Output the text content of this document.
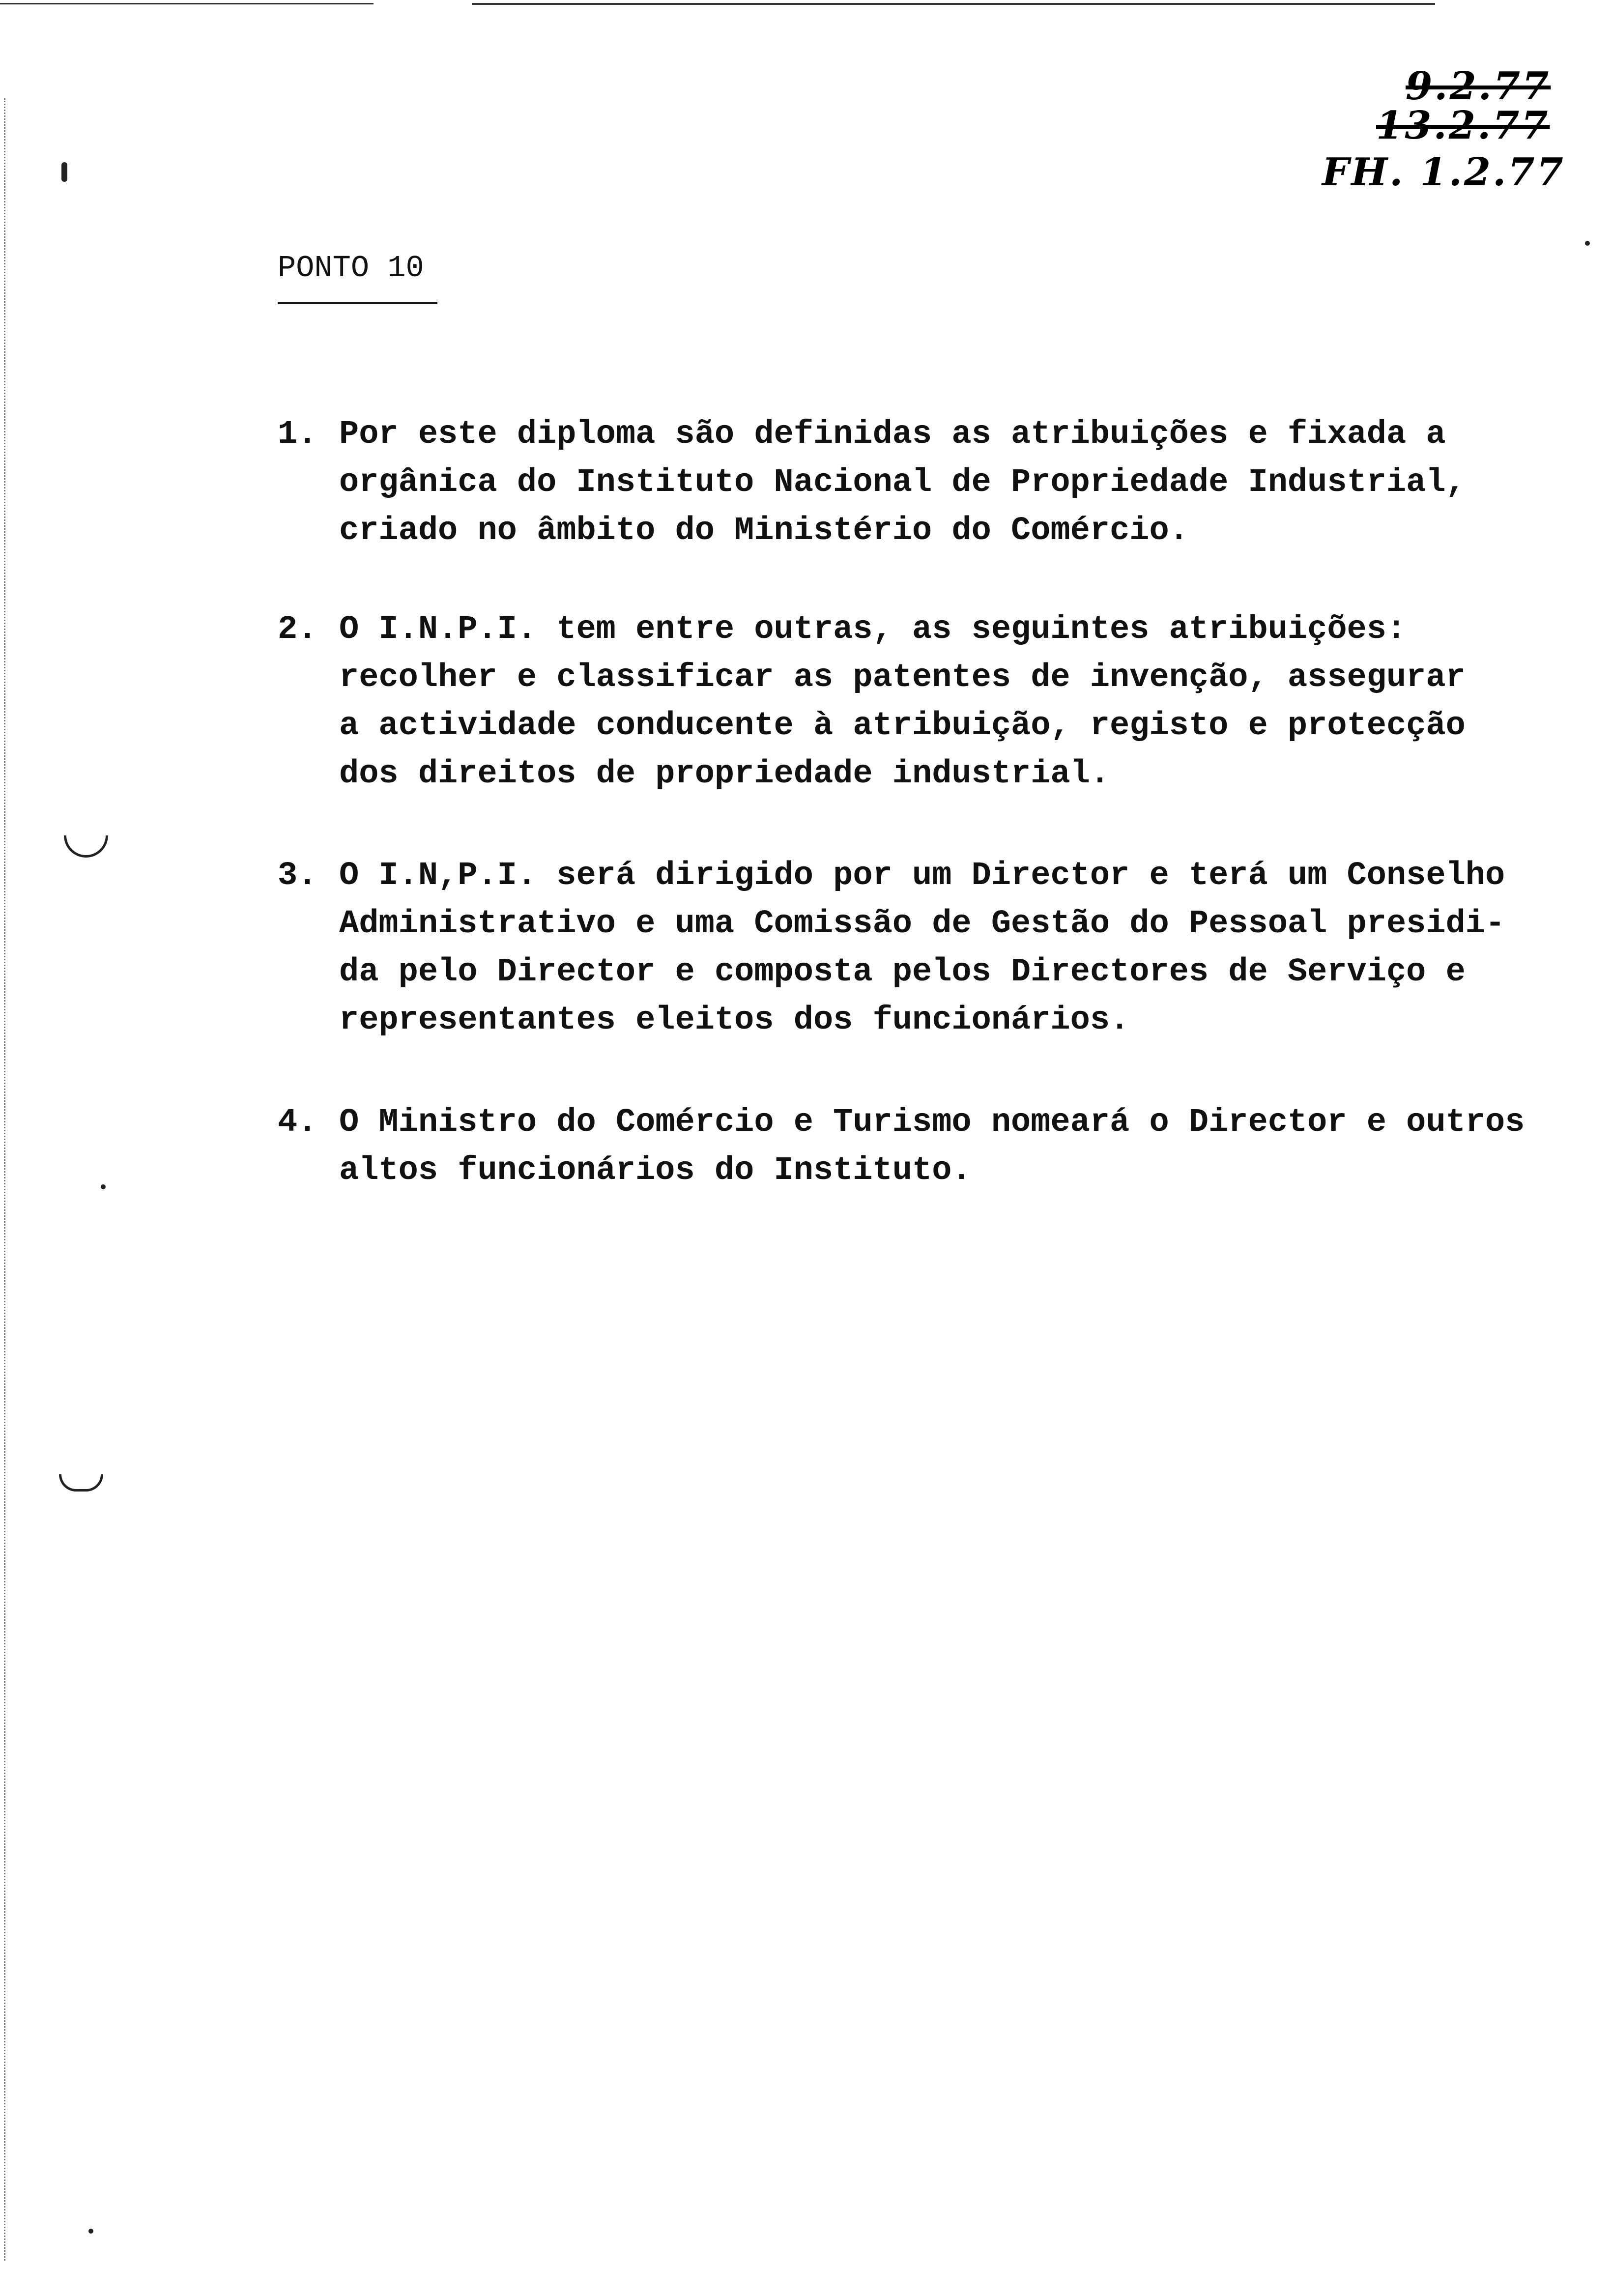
9.2.77
13.2.77
FH. 1.2.77
PONTO 10
1. Por este diploma são definidas as atribuições e fixada a
orgânica do Instituto Nacional de Propriedade Industrial,
criado no âmbito do Ministério do Comércio.
2. O I.N.P.I. tem entre outras, as seguintes atribuições:
recolher e classificar as patentes de invenção, assegurar
a actividade conducente à atribuição, registo e protecção
dos direitos de propriedade industrial.
3. O I.N,P.I. será dirigido por um Director e terá um Conselho
Administrativo e uma Comissão de Gestão do Pessoal presidi-
da pelo Director e composta pelos Directores de Serviço e
representantes eleitos dos funcionários.
4. O Ministro do Comércio e Turismo nomeará o Director e outros
altos funcionários do Instituto.
